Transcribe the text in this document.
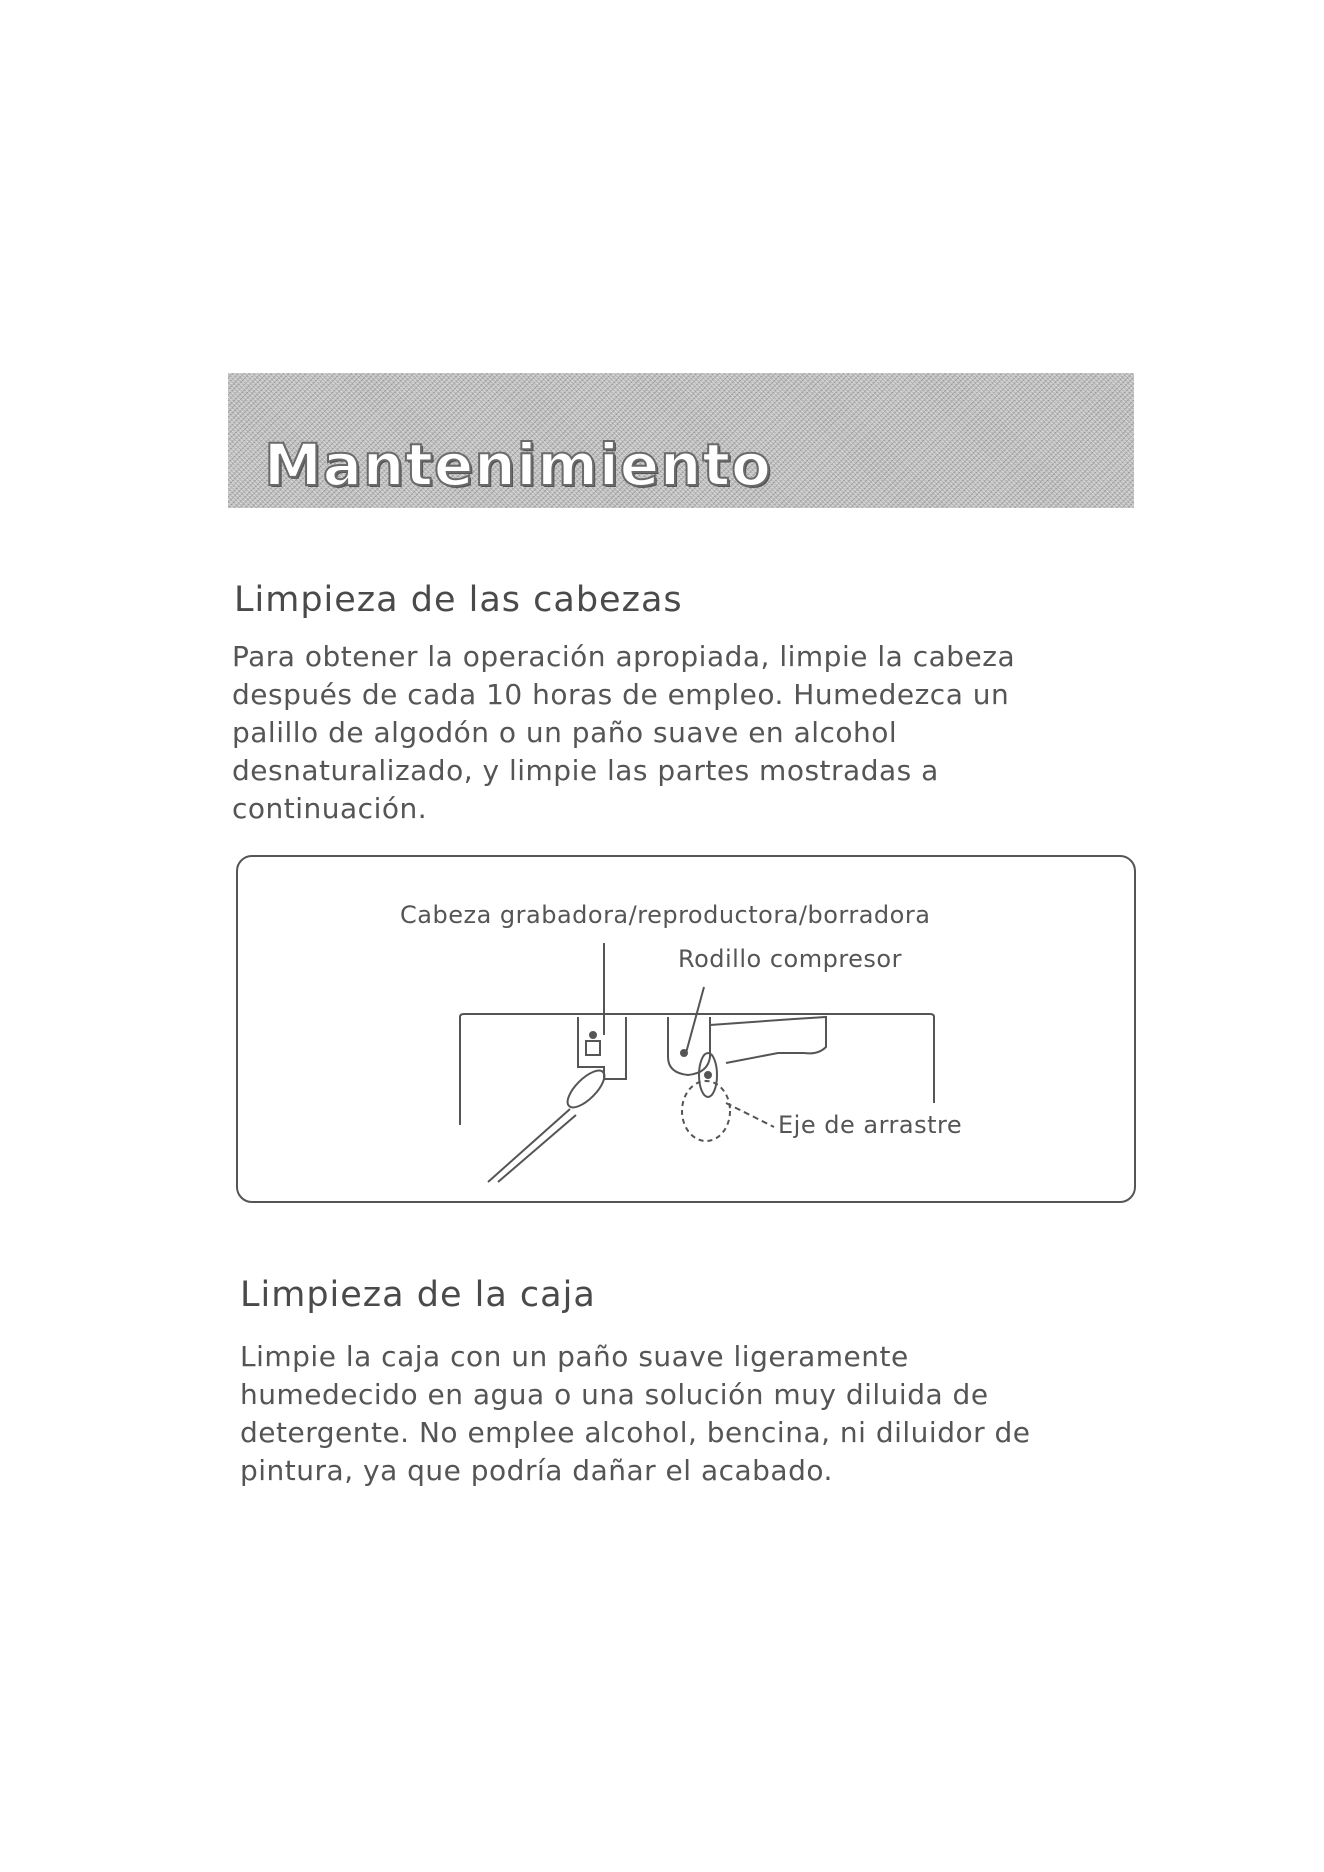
Mantenimiento
Limpieza de las cabezas
Para obtener la operación apropiada, limpie la cabeza
después de cada 10 horas de empleo. Humedezca un
palillo de algodón o un paño suave en alcohol
desnaturalizado, y limpie las partes mostradas a
continuación.
Cabeza grabadora/reproductora/borradora
Rodillo compresor
Eje de arrastre
Limpieza de la caja
Limpie la caja con un paño suave ligeramente
humedecido en agua o una solución muy diluida de
detergente. No emplee alcohol, bencina, ni diluidor de
pintura, ya que podría dañar el acabado.
